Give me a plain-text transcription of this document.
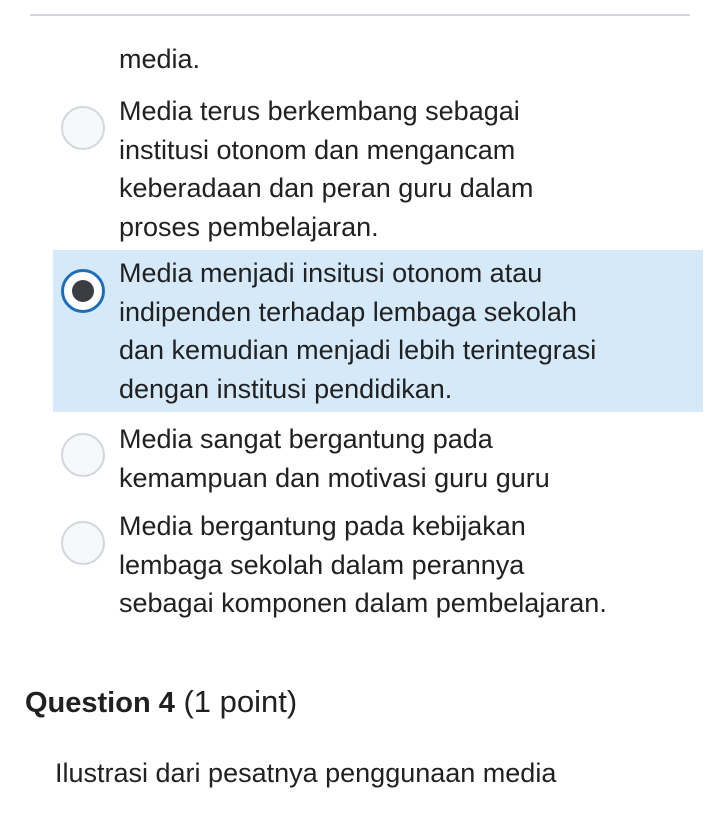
media.
Media terus berkembang sebagai
institusi otonom dan mengancam
keberadaan dan peran guru dalam
proses pembelajaran.
Media menjadi insitusi otonom atau
indipenden terhadap lembaga sekolah
dan kemudian menjadi lebih terintegrasi
dengan institusi pendidikan.
Media sangat bergantung pada
kemampuan dan motivasi guru guru
Media bergantung pada kebijakan
lembaga sekolah dalam perannya
sebagai komponen dalam pembelajaran.
Question 4 (1 point)
Ilustrasi dari pesatnya penggunaan media
